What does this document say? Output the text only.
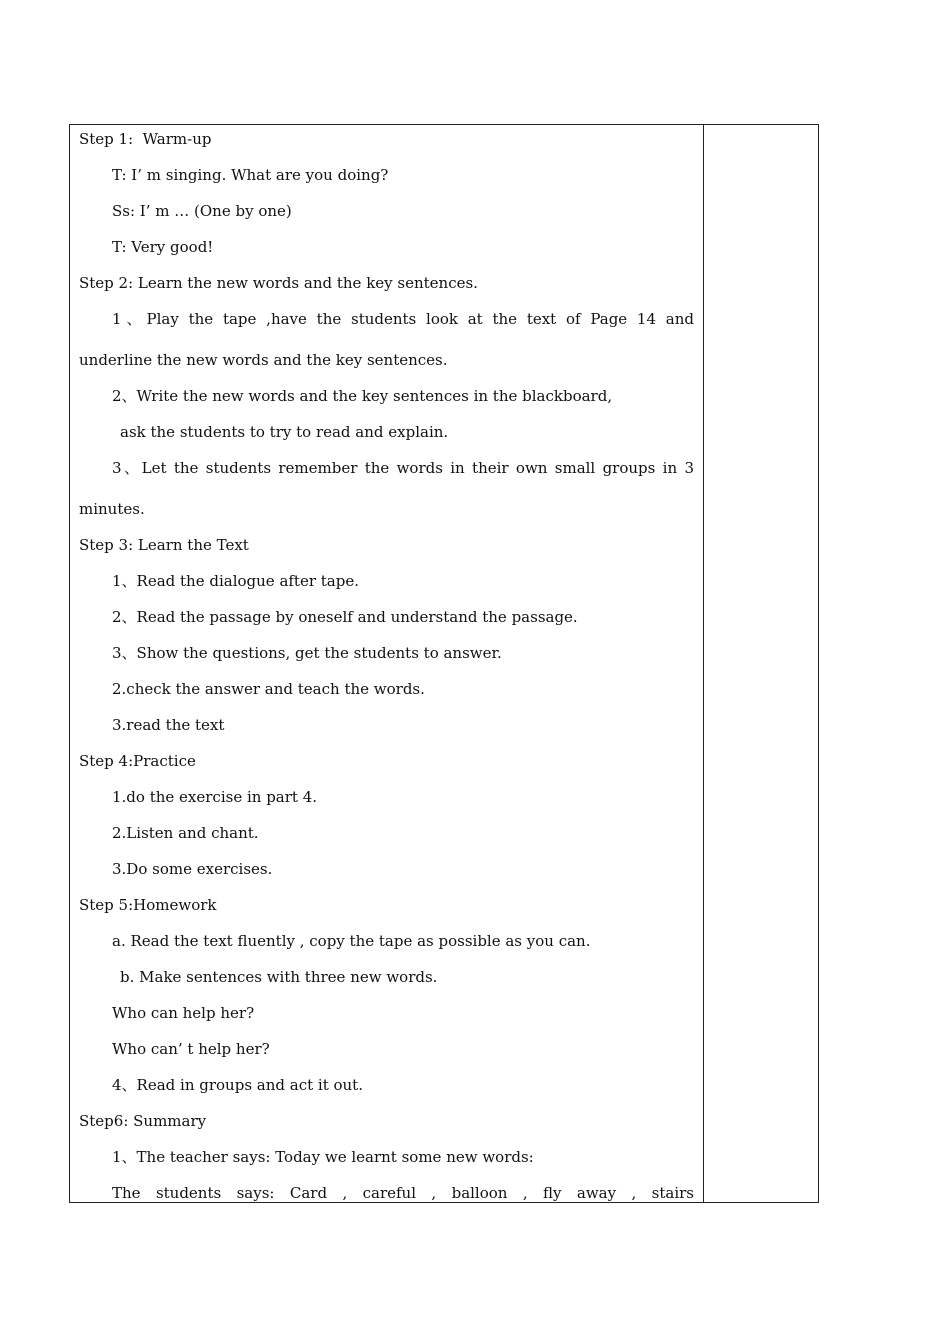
Step 1:  Warm-up
T: I’ m singing. What are you doing?
Ss: I’ m … (One by one)
T: Very good!
Step 2: Learn the new words and the key sentences.
1、Play the tape ,have the students look at the text of Page 14 and
underline the new words and the key sentences.
2、Write the new words and the key sentences in the blackboard,
ask the students to try to read and explain.
3、Let the students remember the words in their own small groups in 3
minutes.
Step 3: Learn the Text
1、Read the dialogue after tape.
2、Read the passage by oneself and understand the passage.
3、Show the questions, get the students to answer.
2.check the answer and teach the words.
3.read the text
Step 4:Practice
1.do the exercise in part 4.
2.Listen and chant.
3.Do some exercises.
Step 5:Homework
a. Read the text fluently , copy the tape as possible as you can.
b. Make sentences with three new words.
Who can help her?
Who can’ t help her?
4、Read in groups and act it out.
Step6: Summary
1、The teacher says: Today we learnt some new words:
The students says: Card , careful , balloon , fly away , stairs
